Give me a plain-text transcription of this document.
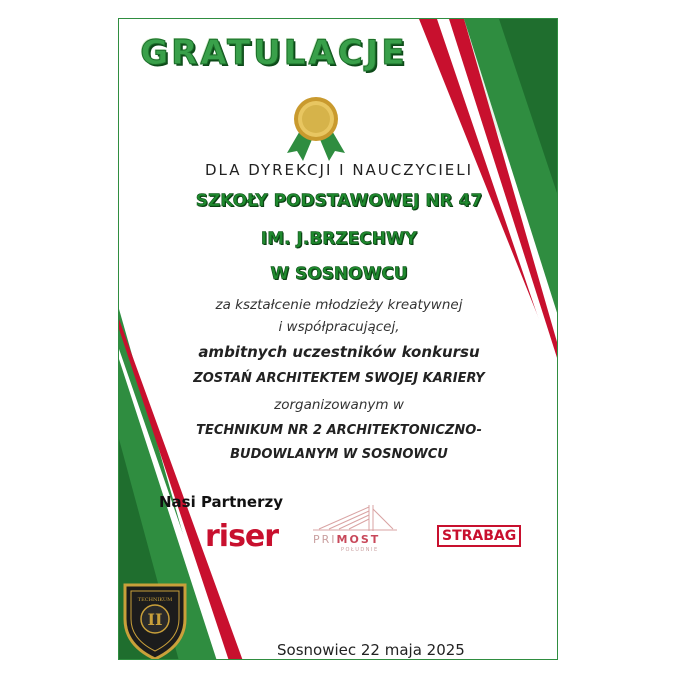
GRATULACJE

DLA DYREKCJI I NAUCZYCIELI

SZKOŁY PODSTAWOWEJ NR 47

IM. J.BRZECHWY

W SOSNOWCU

za kształcenie młodzieży kreatywnej

i współpracującej,

ambitnych uczestników konkursu

ZOSTAŃ ARCHITEKTEM SWOJEJ KARIERY

zorganizowanym w

TECHNIKUM NR 2 ARCHITEKTONICZNO-

BUDOWLANYM W SOSNOWCU

Nasi Partnerzy
riser	PRIMOST
POŁUDNIE
STRABAG
II
TECHNIKUM
Sosnowiec 22 maja 2025
